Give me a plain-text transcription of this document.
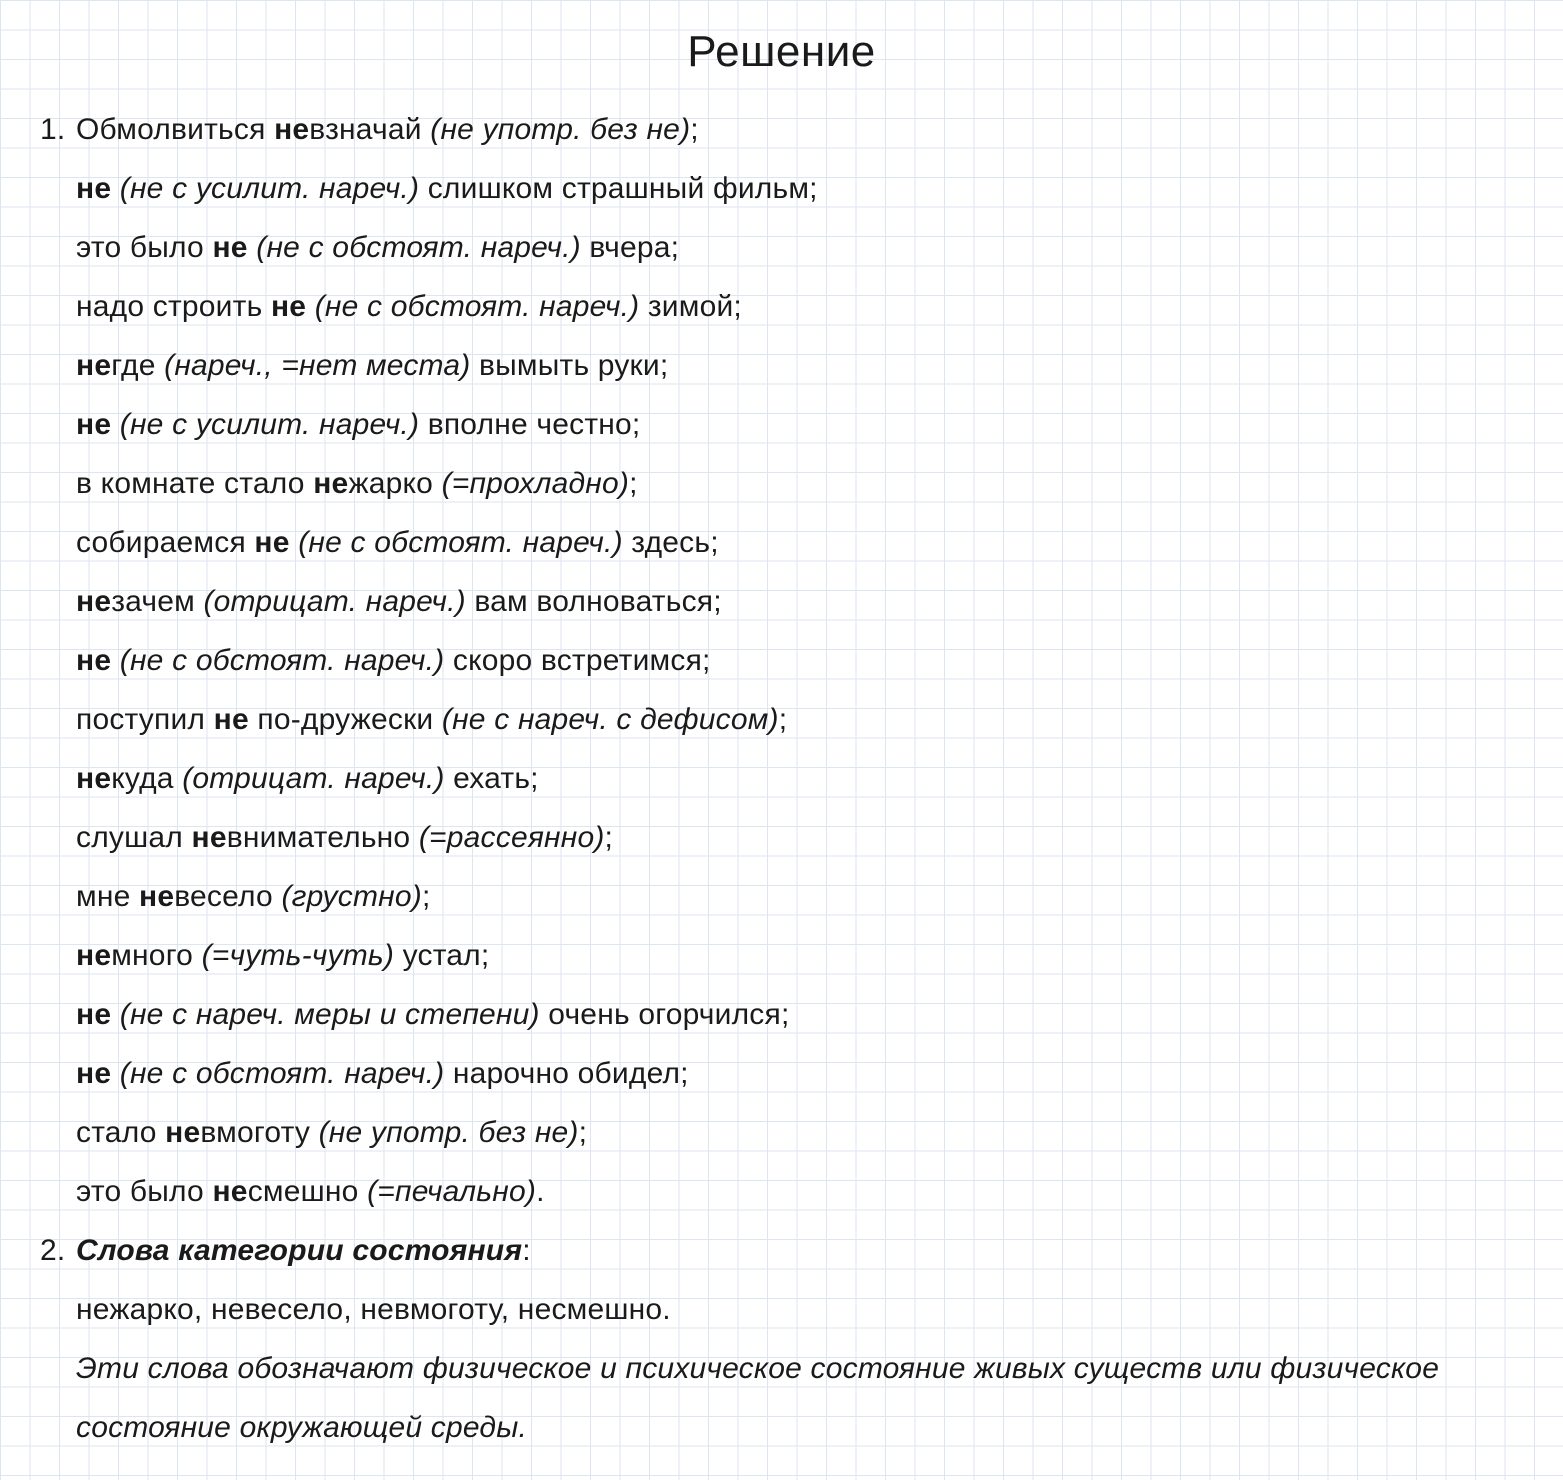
Решение
1. Обмолвиться невзначай (не употр. без не);
не (не с усилит. нареч.) слишком страшный фильм;
это было не (не с обстоят. нареч.) вчера;
надо строить не (не с обстоят. нареч.) зимой;
негде (нареч., =нет места) вымыть руки;
не (не с усилит. нареч.) вполне честно;
в комнате стало нежарко (=прохладно);
собираемся не (не с обстоят. нареч.) здесь;
незачем (отрицат. нареч.) вам волноваться;
не (не с обстоят. нареч.) скоро встретимся;
поступил не по-дружески (не с нареч. с дефисом);
некуда (отрицат. нареч.) ехать;
слушал невнимательно (=рассеянно);
мне невесело (грустно);
немного (=чуть-чуть) устал;
не (не с нареч. меры и степени) очень огорчился;
не (не с обстоят. нареч.) нарочно обидел;
стало невмоготу (не употр. без не);
это было несмешно (=печально).
2. Слова категории состояния:
нежарко, невесело, невмоготу, несмешно.
Эти слова обозначают физическое и психическое состояние живых существ или физическое
состояние окружающей среды.
